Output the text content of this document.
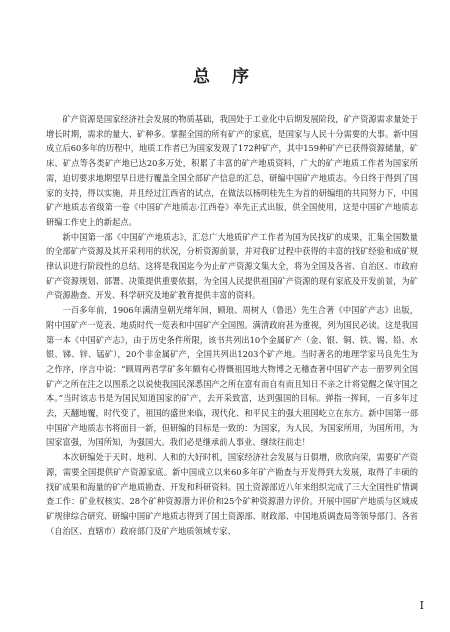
总 序

矿产资源是国家经济社会发展的物质基础，我国处于工业化中后期发展阶段，矿产资源需求量处于增长时期，需求的量大、矿种多。掌握全国的所有矿产的家底，是国家与人民十分需要的大事。新中国成立后60多年的历程中，地质工作者已为国家发现了172种矿产，其中159种矿产已获得资源储量，矿床、矿点等各类矿产地已达20多万处，积累了丰富的矿产地质资料，广大的矿产地质工作者为国家所需，迫切要求地期望早日进行覆盖全国全部矿产信息的汇总，研编中国矿产地质志。今日终于得到了国家的支持，得以实施，并且经过江西省的试点，在做法以杨明桂先生为首的研编组的共同努力下，中国矿产地质志省级第一卷《中国矿产地质志·江西卷》率先正式出版，供全国使用，这是中国矿产地质志研编工作史上的新起点。

新中国第一部《中国矿产地质志》，汇总广大地质矿产工作者为国为民找矿的成果，汇集全国数量的全部矿产资源及其开采利用的状况，分析资源前景，并对我矿过程中获得的丰富的找矿经验和成矿规律认识进行阶段性的总结。这将是我国迄今为止矿产资源文集大全，将为全国及各省、自治区、市政府矿产资源规划、部署、决策提供重要依据，为全国人民提供祖国矿产资源的现有家底及开发前景，为矿产资源勘查、开发、科学研究及地矿教育提供丰富的资料。

一百多年前，1906年满清皇朝光绪年间，顾琅、周树人（鲁迅）先生合著《中国矿产志》出版，附中国矿产一览表、地质时代一览表和中国矿产全国图。满清政府甚为重视，列为国民必读。这是我国第一本《中国矿产志》，由于历史条件所限，该书共列出10个金属矿产（金、银、铜、铁、锡、铅、水银、锑、锌、锰矿），20个非金属矿产，全国共列出1203个矿产地。当时著名的地理学家马良先生为之作序，序言中说：“顾周两君学矿多年颇有心得慨祖国地大物博之无稽查著中国矿产志一册罗列全国矿产之所在注之以图系之以说使我国民深悉国产之所在富有而自有而且知日不亲之计将觉醒之保守国之本。”当时该志书是为国民知道国家的矿产，去开采致富，达到强国的目标。弹指一挥间，一百多年过去，天翻地覆，时代变了，祖国的盛世来临，现代化、和平民主的强大祖国屹立在东方。新中国第一部中国矿产地质志书将面目一新，但研编的目标是一致的：为国家，为人民，为国家所用，为国所用，为国家富强，为国所知，为强国大。我们必是继承前人事业、继续往前走！

本次研编处于天时、地利、人和的大好时机，国家经济社会发展与日俱增，欣欣向荣，需要矿产资源，需要全国提供矿产资源家底。新中国成立以来60多年矿产勘查与开发得到大发展，取得了丰硕的找矿成果和海量的矿产地质勘查、开发和科研资料。国土资源部近八年来组织完成了三大全国性矿情调查工作：矿业权核实、28个矿种资源潜力评价和25个矿种资源潜力评价。开展中国矿产地质与区域成矿规律综合研究、研编中国矿产地质志得到了国土资源部、财政部、中国地质调查局等领导部门、各省（自治区、直辖市）政府部门及矿产地质领域专家、

I
